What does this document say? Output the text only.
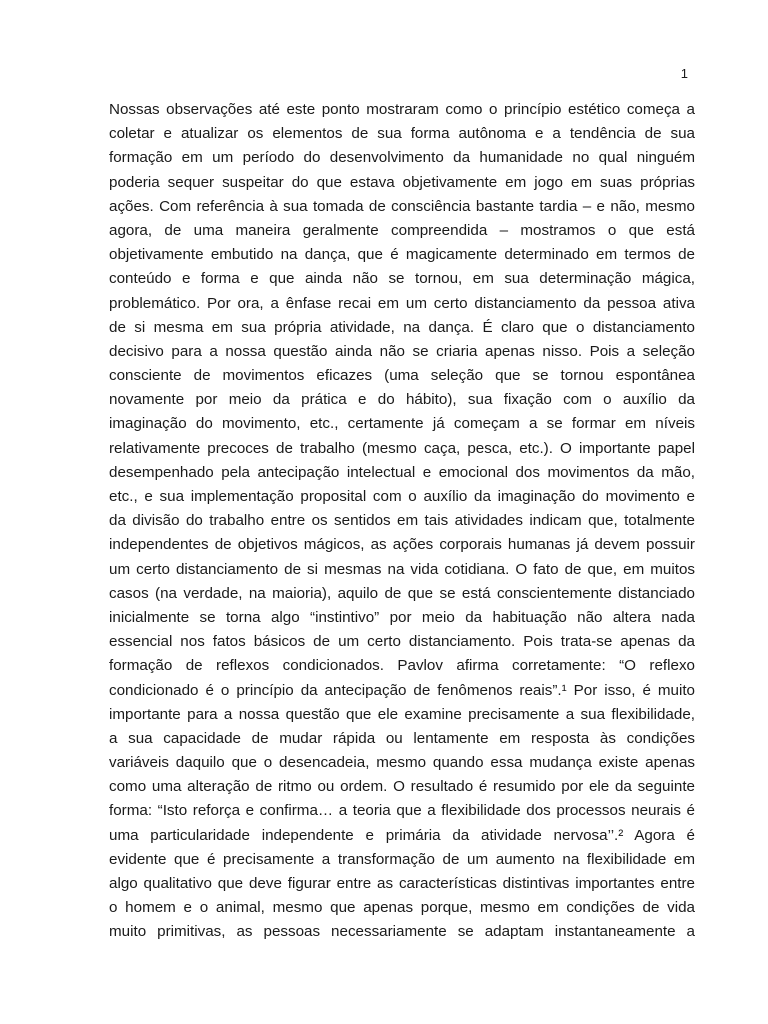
1
Nossas observações até este ponto mostraram como o princípio estético começa a
coletar e atualizar os elementos de sua forma autônoma e a tendência de sua
formação em um período do desenvolvimento da humanidade no qual ninguém
poderia sequer suspeitar do que estava objetivamente em jogo em suas próprias
ações. Com referência à sua tomada de consciência bastante tardia – e não, mesmo
agora, de uma maneira geralmente compreendida – mostramos o que está
objetivamente embutido na dança, que é magicamente determinado em termos de
conteúdo e forma e que ainda não se tornou, em sua determinação mágica,
problemático. Por ora, a ênfase recai em um certo distanciamento da pessoa ativa
de si mesma em sua própria atividade, na dança. É claro que o distanciamento
decisivo para a nossa questão ainda não se criaria apenas nisso. Pois a seleção
consciente de movimentos eficazes (uma seleção que se tornou espontânea
novamente por meio da prática e do hábito), sua fixação com o auxílio da
imaginação do movimento, etc., certamente já começam a se formar em níveis
relativamente precoces de trabalho (mesmo caça, pesca, etc.). O importante papel
desempenhado pela antecipação intelectual e emocional dos movimentos da mão,
etc., e sua implementação proposital com o auxílio da imaginação do movimento e
da divisão do trabalho entre os sentidos em tais atividades indicam que, totalmente
independentes de objetivos mágicos, as ações corporais humanas já devem possuir
um certo distanciamento de si mesmas na vida cotidiana. O fato de que, em muitos
casos (na verdade, na maioria), aquilo de que se está conscientemente distanciado
inicialmente se torna algo “instintivo” por meio da habituação não altera nada
essencial nos fatos básicos de um certo distanciamento. Pois trata-se apenas da
formação de reflexos condicionados. Pavlov afirma corretamente: “O reflexo
condicionado é o princípio da antecipação de fenômenos reais”.¹ Por isso, é muito
importante para a nossa questão que ele examine precisamente a sua flexibilidade,
a sua capacidade de mudar rápida ou lentamente em resposta às condições
variáveis daquilo que o desencadeia, mesmo quando essa mudança existe apenas
como uma alteração de ritmo ou ordem. O resultado é resumido por ele da seguinte
forma: “Isto reforça e confirma… a teoria que a flexibilidade dos processos neurais é
uma particularidade independente e primária da atividade nervosa’’.² Agora é
evidente que é precisamente a transformação de um aumento na flexibilidade em
algo qualitativo que deve figurar entre as características distintivas importantes entre
o homem e o animal, mesmo que apenas porque, mesmo em condições de vida
muito primitivas, as pessoas necessariamente se adaptam instantaneamente a
